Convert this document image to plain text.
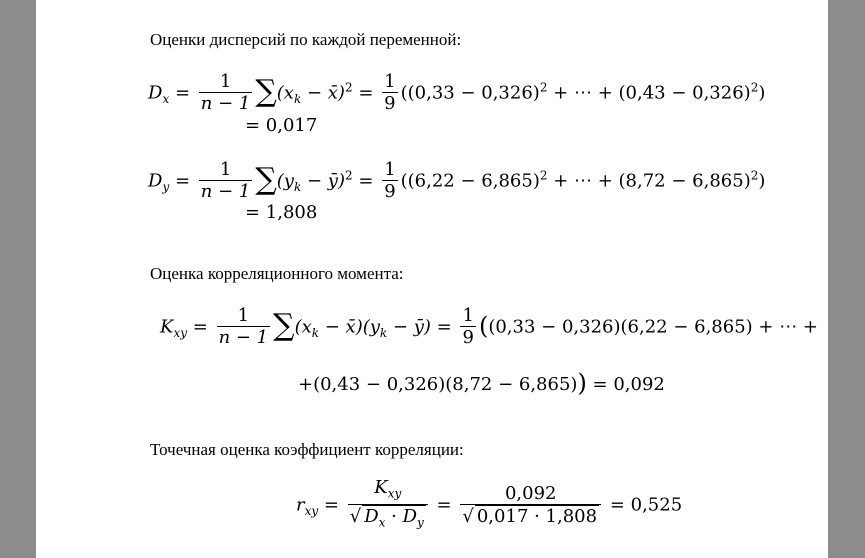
Оценки дисперсий по каждой переменной:
$D_x = \frac{1}{n - 1} \sum(x_k$ − x̄)$^2$ = $\frac{1}{9} ((0,33 - 0,326)^2$ + ⋯ + $(0,43 - 0,326)^2$)
= 0,017
$D_y = \frac{1}{n - 1} \sum(y_k$ − ȳ)$^2$ = $\frac{1}{9} ((6,22 - 6,865)^2$ + ⋯ + $(8,72 - 6,865)^2$)
= 1,808
Оценка корреляционного момента:
$K_{xy} = \frac{1}{n - 1} \sum(x_k$ − $x̄)(y_k$ − ȳ) = $\frac{1}{9} ((0,33 - 0,326)(6,22 - 6,865)$ + ⋯ +
+(0,43 − 0,326)(8,72 − 6,865)) = 0,092
Точечная оценка коэффициент корреляции:
$r_{xy} = \frac{K_{xy}}{√ D_x \cdot D_y} = \frac{0,092}{√ 0,017 \cdot 1,808} = 0,525$
